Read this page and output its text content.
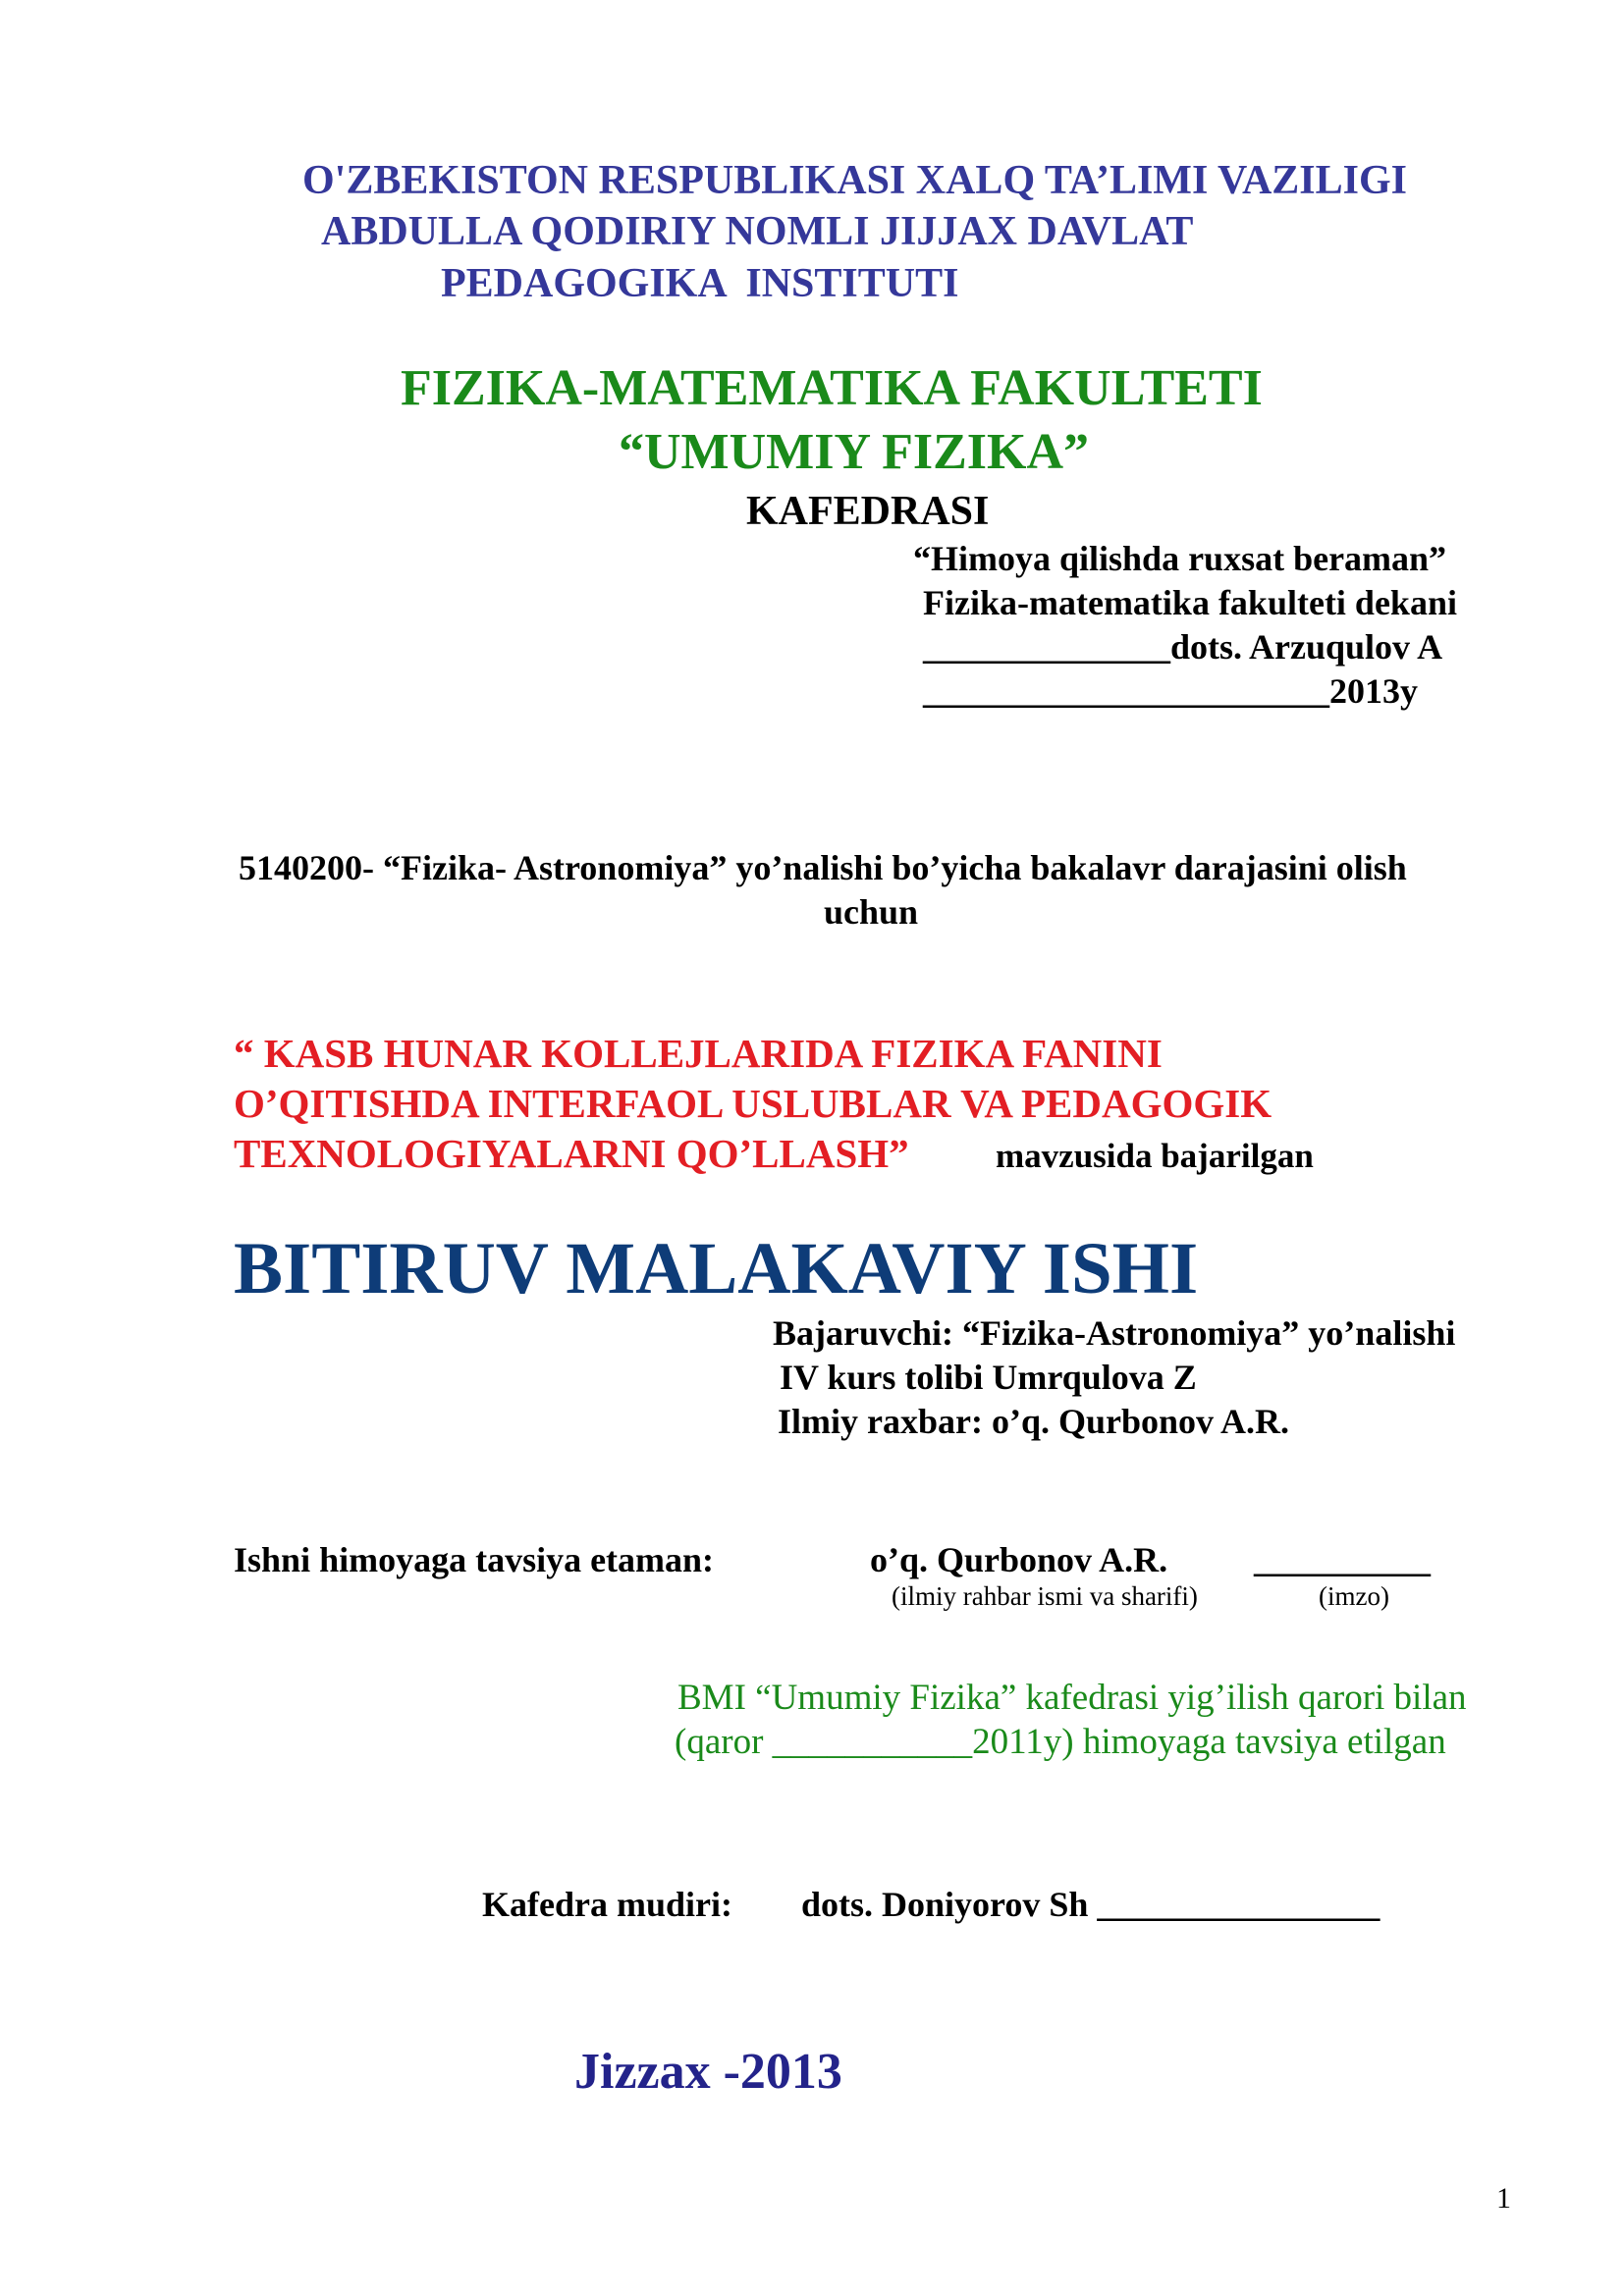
O'ZBEKISTON RESPUBLIKASI XALQ TA’LIMI VAZILIGI
ABDULLA QODIRIY NOMLI JIJJAX DAVLAT
PEDAGOGIKA  INSTITUTI
FIZIKA-MATEMATIKA FAKULTETI
“UMUMIY FIZIKA”
KAFEDRASI
“Himoya qilishda ruxsat beraman”
Fizika-matematika fakulteti dekani
______________dots. Arzuqulov A
_______________________2013y
5140200- “Fizika- Astronomiya” yo’nalishi bo’yicha bakalavr darajasini olish
uchun
“ KASB HUNAR KOLLEJLARIDA FIZIKA FANINI
O’QITISHDA INTERFAOL USLUBLAR VA PEDAGOGIK
TEXNOLOGIYALARNI QO’LLASH”	mavzusida bajarilgan
BITIRUV MALAKAVIY ISHI
Bajaruvchi: “Fizika-Astronomiya” yo’nalishi
IV kurs tolibi Umrqulova Z
Ilmiy raxbar: o’q. Qurbonov A.R.
Ishni himoyaga tavsiya etaman:	o’q. Qurbonov A.R. __________
(ilmiy rahbar ismi va sharifi)	(imzo)
BMI “Umumiy Fizika” kafedrasi yig’ilish qarori bilan
(qaror ___________2011y) himoyaga tavsiya etilgan
Kafedra mudiri: dots. Doniyorov Sh ________________
Jizzax -2013
1
